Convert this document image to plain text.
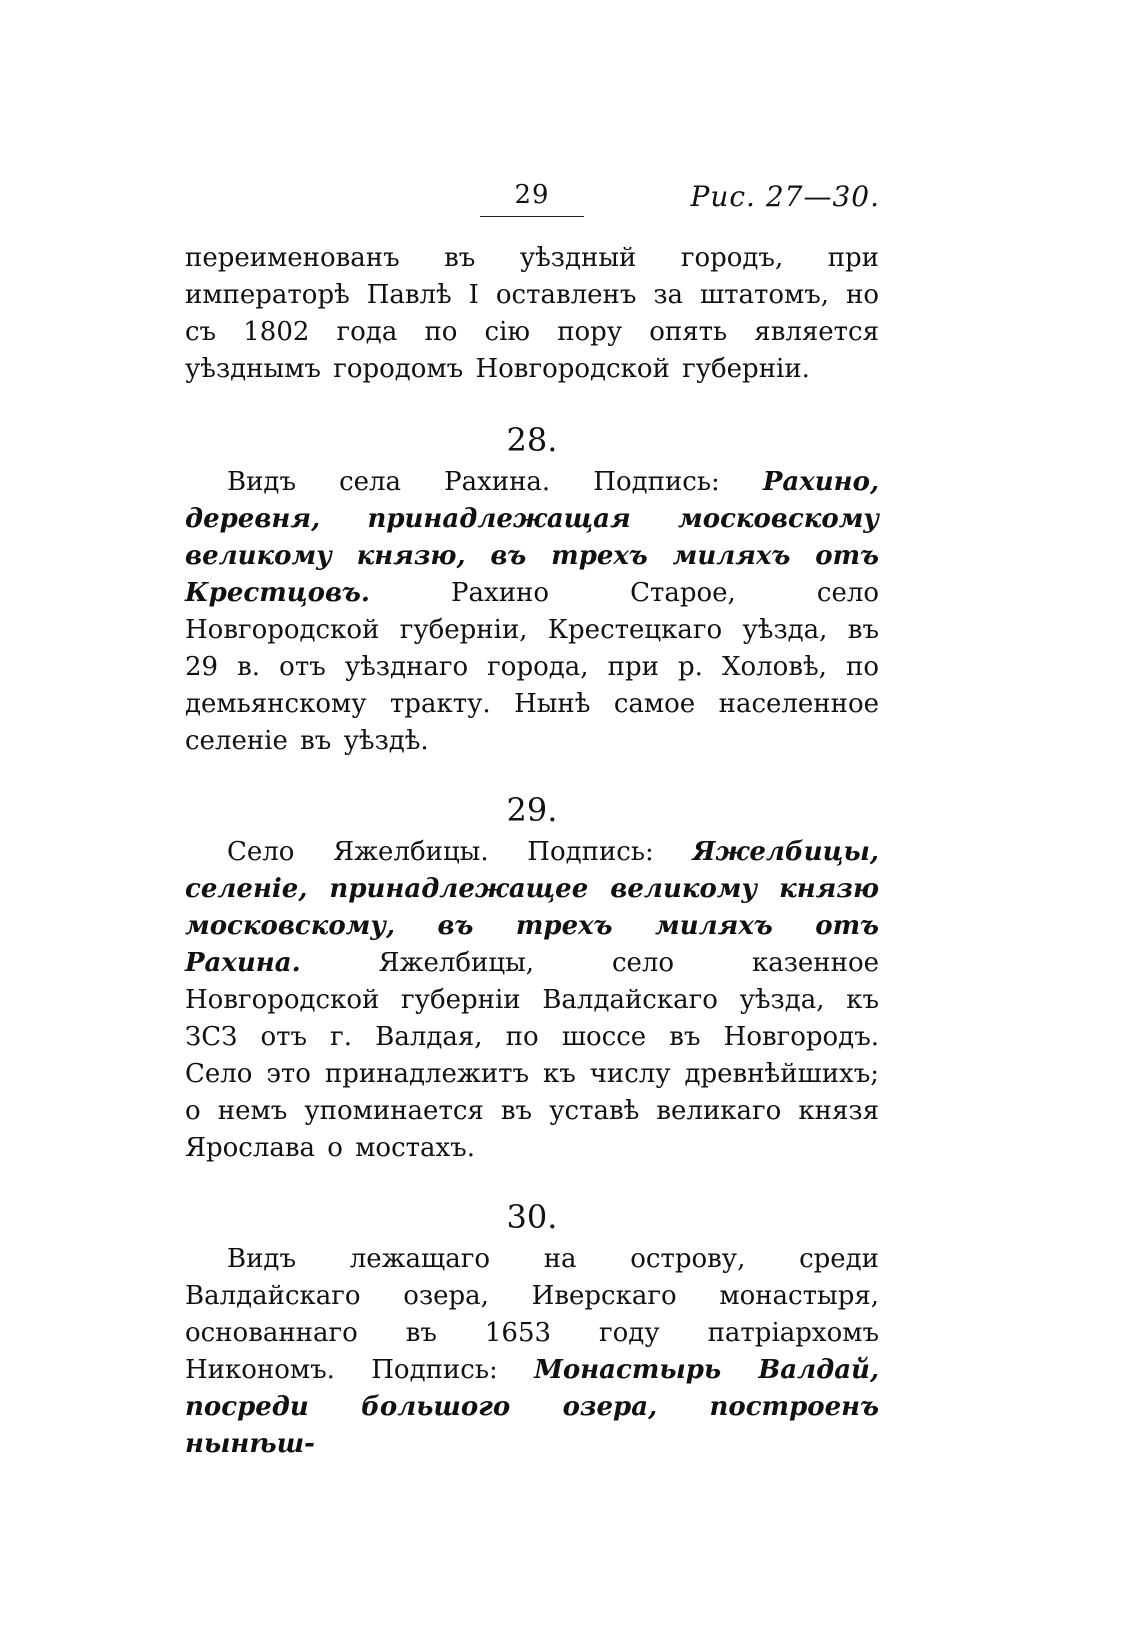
29	Рис. 27—30.

переименованъ въ уѣздный городъ, при императорѣ Павлѣ I оставленъ за штатомъ, но съ 1802 года по сію пору опять является уѣзднымъ городомъ Новгородской губерніи.

28.

Видъ села Рахина. Подпись: Рахино, деревня, принадлежащая московскому великому князю, въ трехъ миляхъ отъ Крестцовъ. Рахино Старое, село Новгородской губерніи, Крестецкаго уѣзда, въ 29 в. отъ уѣзднаго города, при р. Холовѣ, по демьянскому тракту. Нынѣ самое населенное селеніе въ уѣздѣ.

29.

Село Яжелбицы. Подпись: Яжелбицы, селеніе, принадлежащее великому князю московскому, въ трехъ миляхъ отъ Рахина. Яжелбицы, село казенное Новгородской губерніи Валдайскаго уѣзда, къ ЗСЗ отъ г. Валдая, по шоссе въ Новгородъ. Село это принадлежитъ къ числу древнѣйшихъ; о немъ упоминается въ уставѣ великаго князя Ярослава о мостахъ.

30.

Видъ лежащаго на острову, среди Валдайскаго озера, Иверскаго монастыря, основаннаго въ 1653 году патріархомъ Никономъ. Подпись: Монастырь Валдай, посреди большого озера, построенъ нынѣш-
